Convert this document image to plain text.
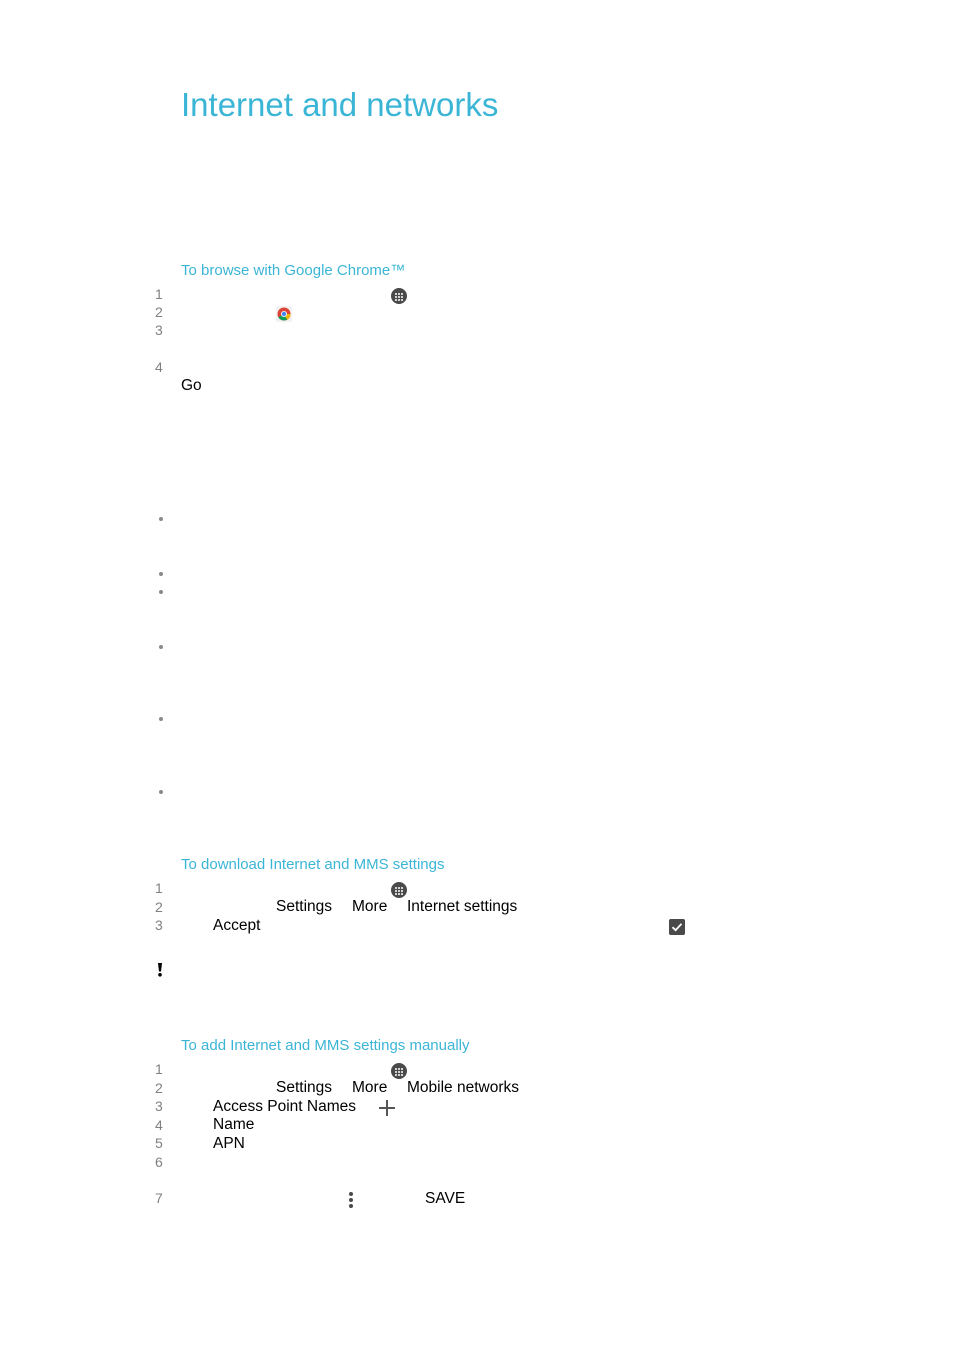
Internet and networks
To browse with Google Chrome™
1
2
3
4
Go
To download Internet and MMS settings
1
2	Settings More Internet settings
3	Accept
To add Internet and MMS settings manually
1
2	Settings More Mobile networks
3	Access Point Names
4	Name
5	APN
6
7	SAVE
